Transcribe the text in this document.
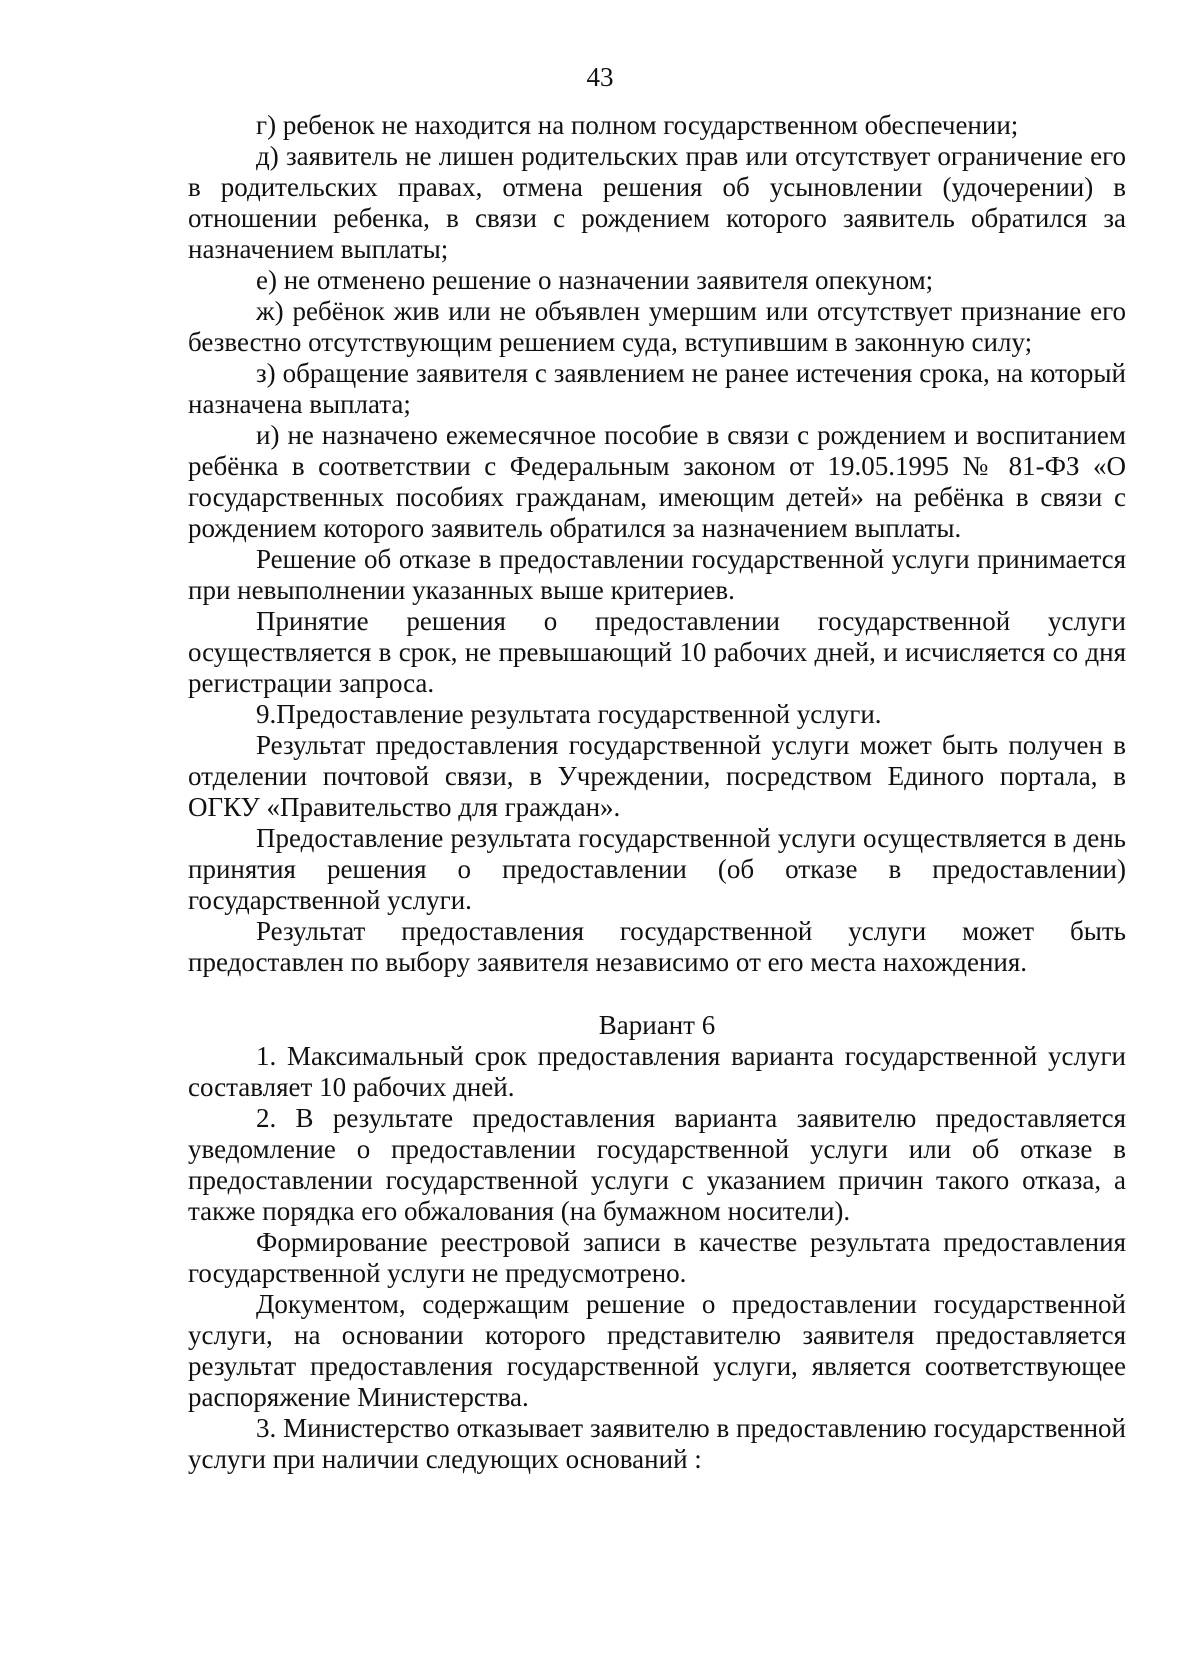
43

г) ребенок не находится на полном государственном обеспечении;

д) заявитель не лишен родительских прав или отсутствует ограничение его в родительских правах, отмена решения об усыновлении (удочерении) в отношении ребенка, в связи с рождением которого заявитель обратился за назначением выплаты;

е) не отменено решение о назначении заявителя опекуном;

ж) ребёнок жив или не объявлен умершим или отсутствует признание его безвестно отсутствующим решением суда, вступившим в законную силу;

з) обращение заявителя с заявлением не ранее истечения срока, на который назначена выплата;

и) не назначено ежемесячное пособие в связи с рождением и воспитанием ребёнка в соответствии с Федеральным законом от 19.05.1995 № 81-ФЗ «О государственных пособиях гражданам, имеющим детей» на ребёнка в связи с рождением которого заявитель обратился за назначением выплаты.

Решение об отказе в предоставлении государственной услуги принимается при невыполнении указанных выше критериев.

Принятие решения о предоставлении государственной услуги осуществляется в срок, не превышающий 10 рабочих дней, и исчисляется со дня регистрации запроса.

9.Предоставление результата государственной услуги.

Результат предоставления государственной услуги может быть получен в отделении почтовой связи, в Учреждении, посредством Единого портала, в ОГКУ «Правительство для граждан».

Предоставление результата государственной услуги осуществляется в день принятия решения о предоставлении (об отказе в предоставлении) государственной услуги.

Результат предоставления государственной услуги может быть предоставлен по выбору заявителя независимо от его места нахождения.

Вариант 6

1. Максимальный срок предоставления варианта государственной услуги составляет 10 рабочих дней.

2. В результате предоставления варианта заявителю предоставляется уведомление о предоставлении государственной услуги или об отказе в предоставлении государственной услуги с указанием причин такого отказа, а также порядка его обжалования (на бумажном носители).

Формирование реестровой записи в качестве результата предоставления государственной услуги не предусмотрено.

Документом, содержащим решение о предоставлении государственной услуги, на основании которого представителю заявителя предоставляется результат предоставления государственной услуги, является соответствующее распоряжение Министерства.

3. Министерство отказывает заявителю в предоставлению государственной услуги при наличии следующих оснований :
